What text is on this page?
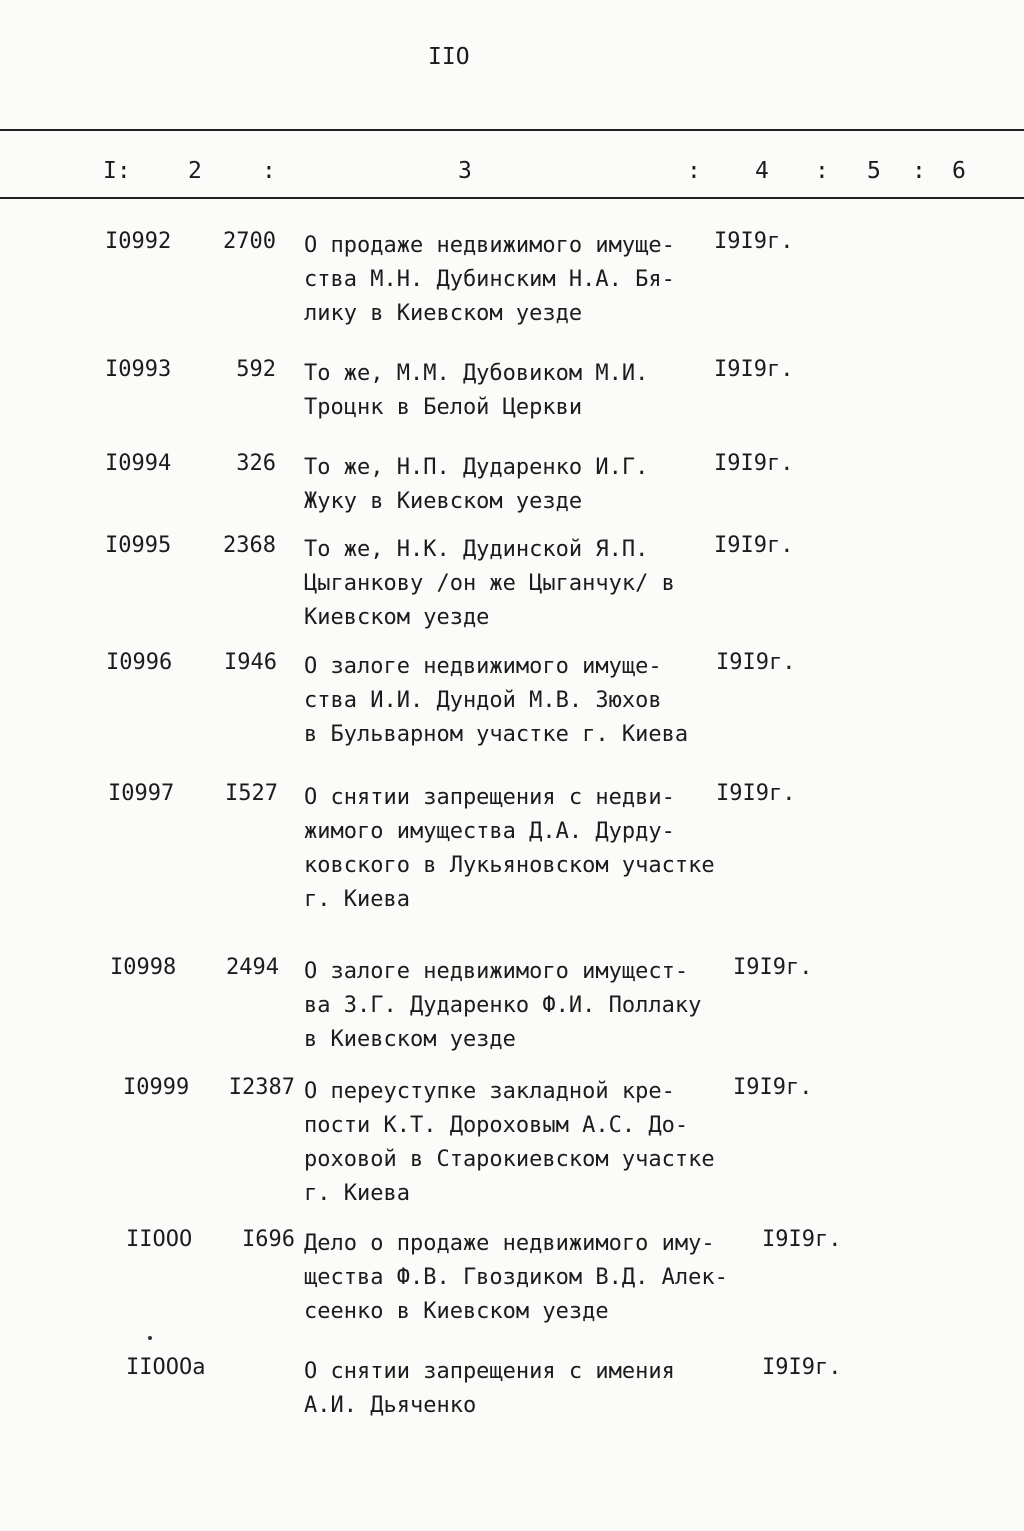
IIO
I: 2	:	3	: 4 : 5 : 6
I0992	2700 О продаже недвижимого имуще-
ства М.Н. Дубинским Н.А. Бя-
лику в Киевском уезде
I9I9г.
I0993	592 То же, М.М. Дубовиком М.И.
Троцнк в Белой Церкви
I9I9г.
I0994	326 То же, Н.П. Дударенко И.Г.
Жуку в Киевском уезде
I9I9г.
I0995	2368 То же, Н.К. Дудинской Я.П.
Цыганкову /он же Цыганчук/ в
Киевском уезде
I9I9г.
I0996	I946 О залоге недвижимого имуще-
ства И.И. Дундой М.В. Зюхов
в Бульварном участке г. Киева
I9I9г.
I0997	I527 О снятии запрещения с недви-
жимого имущества Д.А. Дурду-
ковского в Лукьяновском участке
г. Киева
I9I9г.
I0998	2494 О залоге недвижимого имущест-
ва З.Г. Дударенко Ф.И. Поллаку
в Киевском уезде
I9I9г.
I0999	I2387 О переуступке закладной кре-
пости К.Т. Дороховым А.С. До-
роховой в Старокиевском участке
г. Киева
I9I9г.
IIOOO	I696 Дело о продаже недвижимого иму-
щества Ф.В. Гвоздиком В.Д. Алек-
сеенко в Киевском уезде
I9I9г.
IIOOOа	О снятии запрещения с имения
А.И. Дьяченко
I9I9г.
